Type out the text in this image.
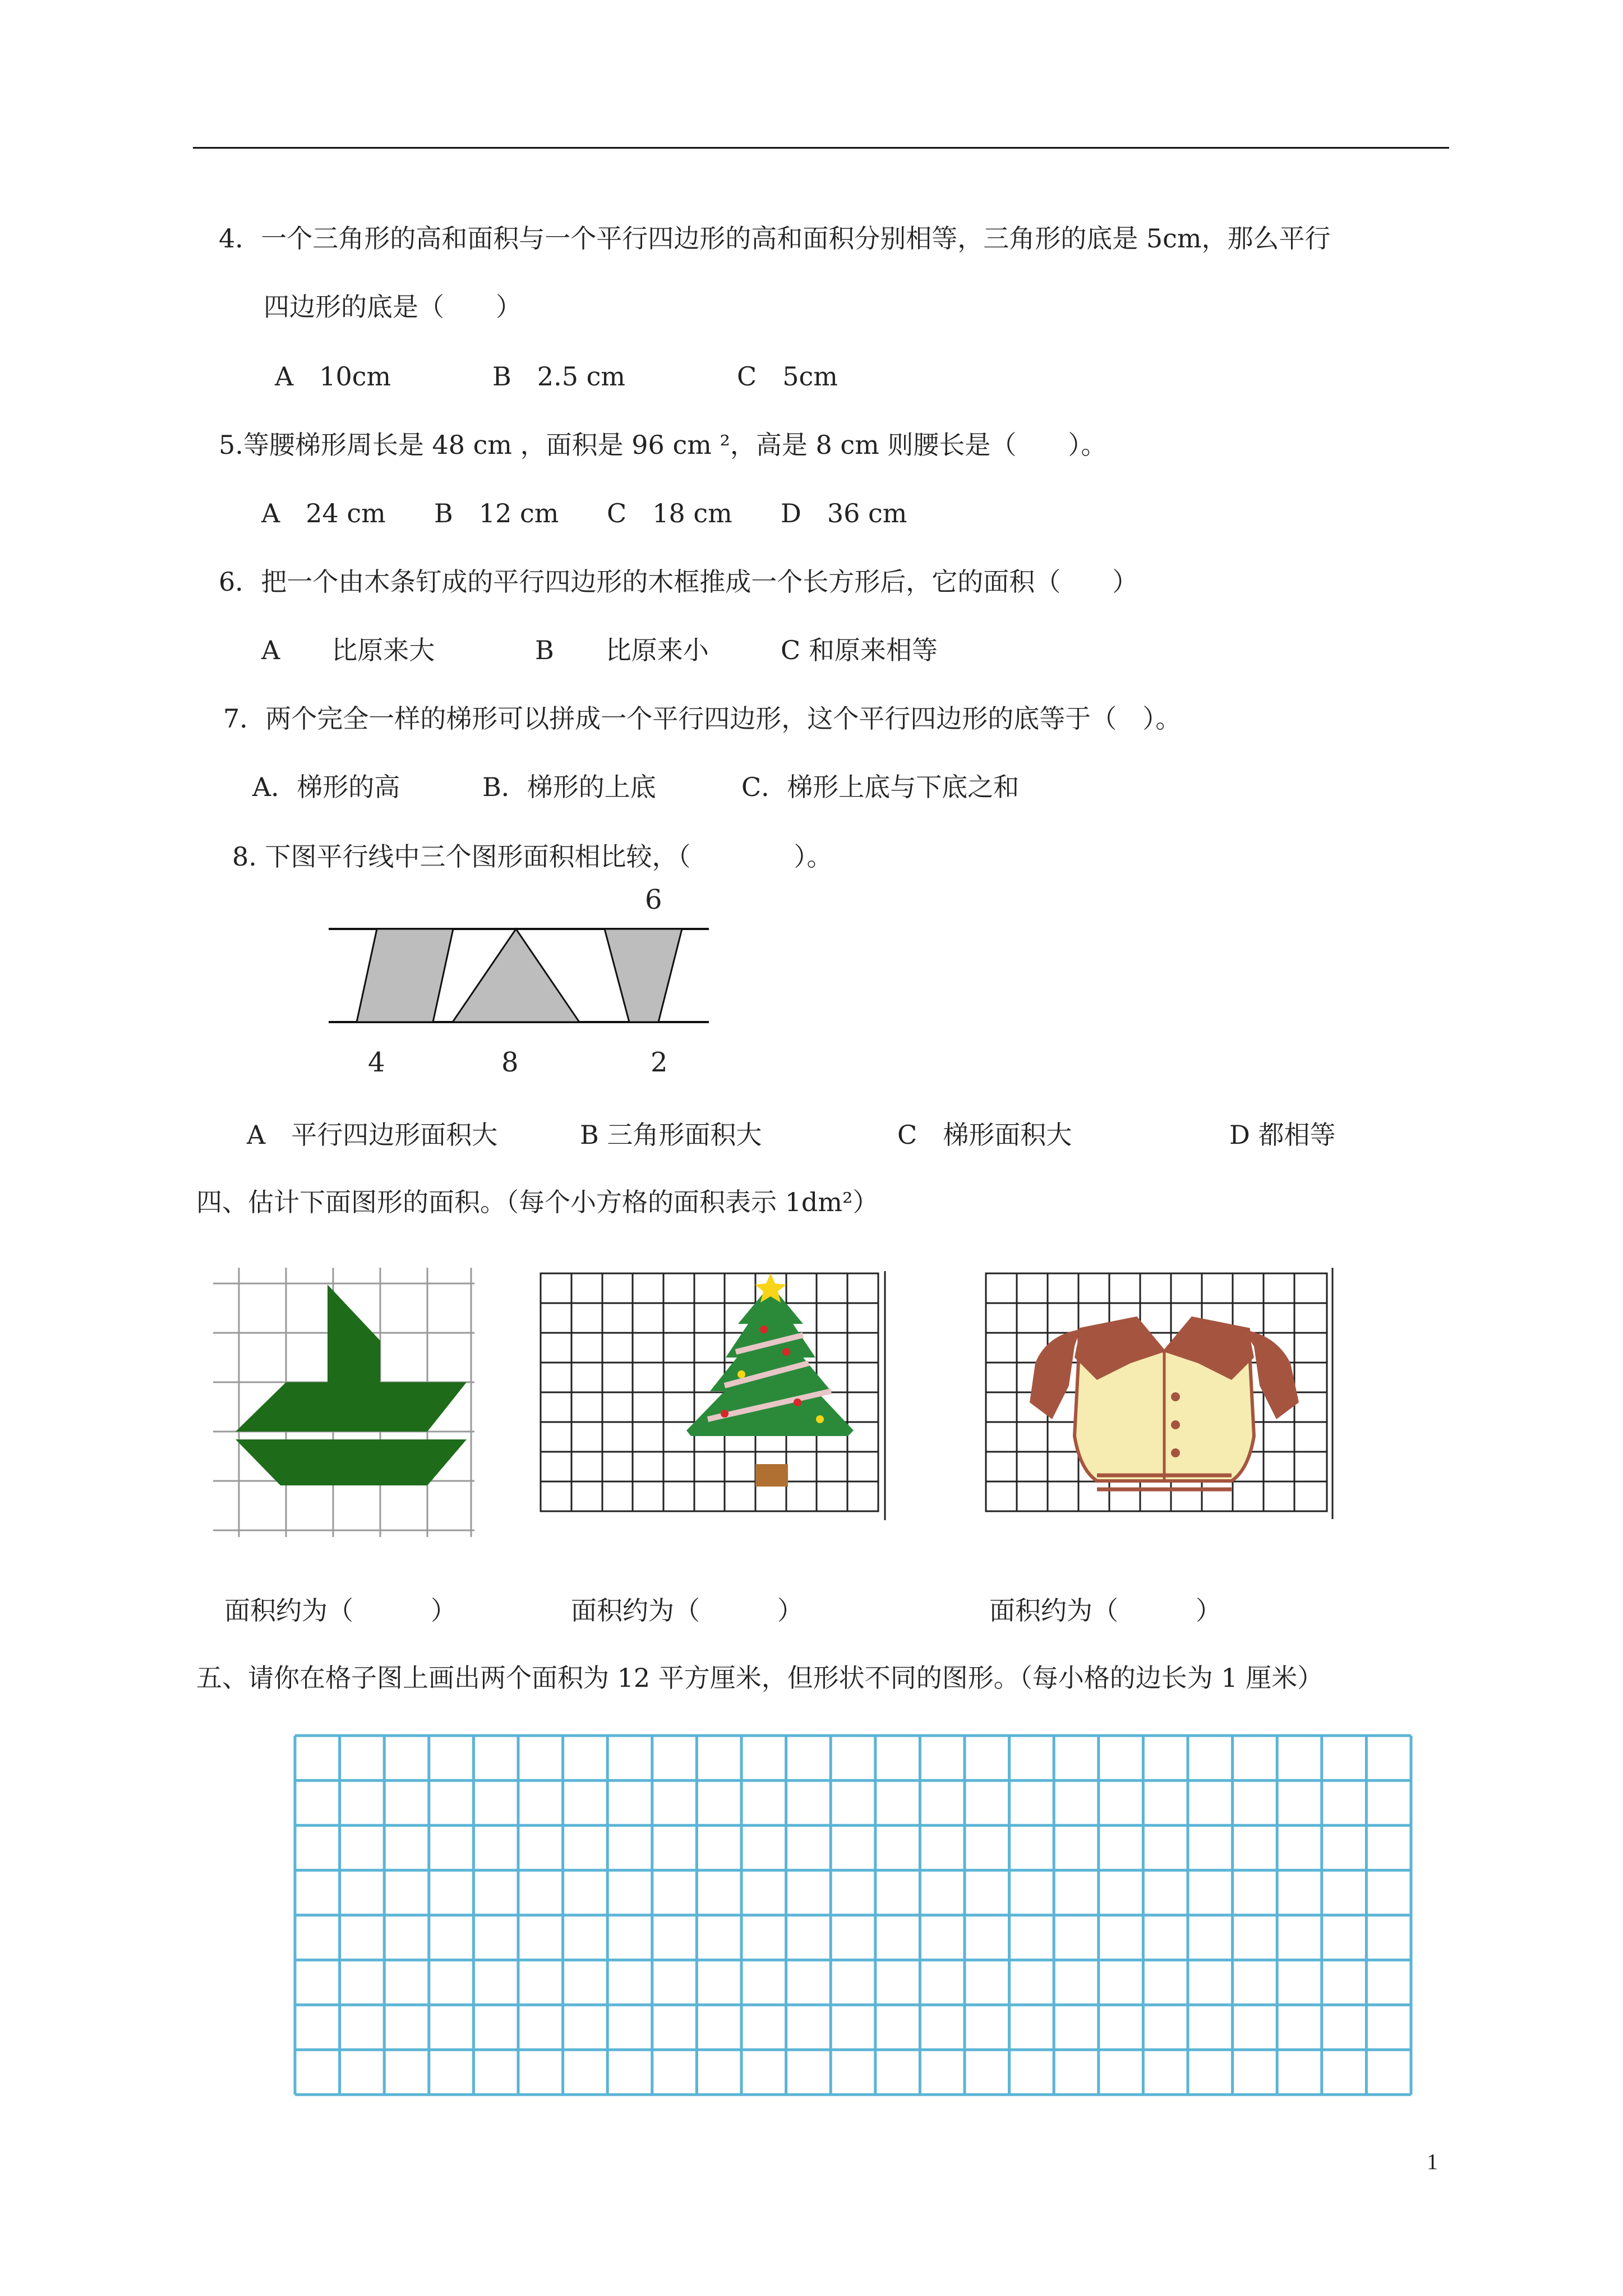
4．一个三角形的高和面积与一个平行四边形的高和面积分别相等，三角形的底是 5cm，那么平行
四边形的底是（　　）
A　10cm	B　2.5 cm	C　5cm
5.等腰梯形周长是 48 cm ，面积是 96 cm ²，高是 8 cm 则腰长是（　　）。
A　24 cm B　12 cm C　18 cm D　36 cm
6．把一个由木条钉成的平行四边形的木框推成一个长方形后，它的面积（　　）
A　　比原来大	B　　比原来小	C 和原来相等
7．两个完全一样的梯形可以拼成一个平行四边形，这个平行四边形的底等于（　）。
A．梯形的高	B．梯形的上底	C．梯形上底与下底之和
8. 下图平行线中三个图形面积相比较，（　　　　）。
6
4	8	2
A　平行四边形面积大	B 三角形面积大	C　梯形面积大	D 都相等
四、估计下面图形的面积。（每个小方格的面积表示 1dm²）
面积约为（　　　）	面积约为（　　　）	面积约为（　　　）
五、请你在格子图上画出两个面积为 12 平方厘米，但形状不同的图形。（每小格的边长为 1 厘米）
1
